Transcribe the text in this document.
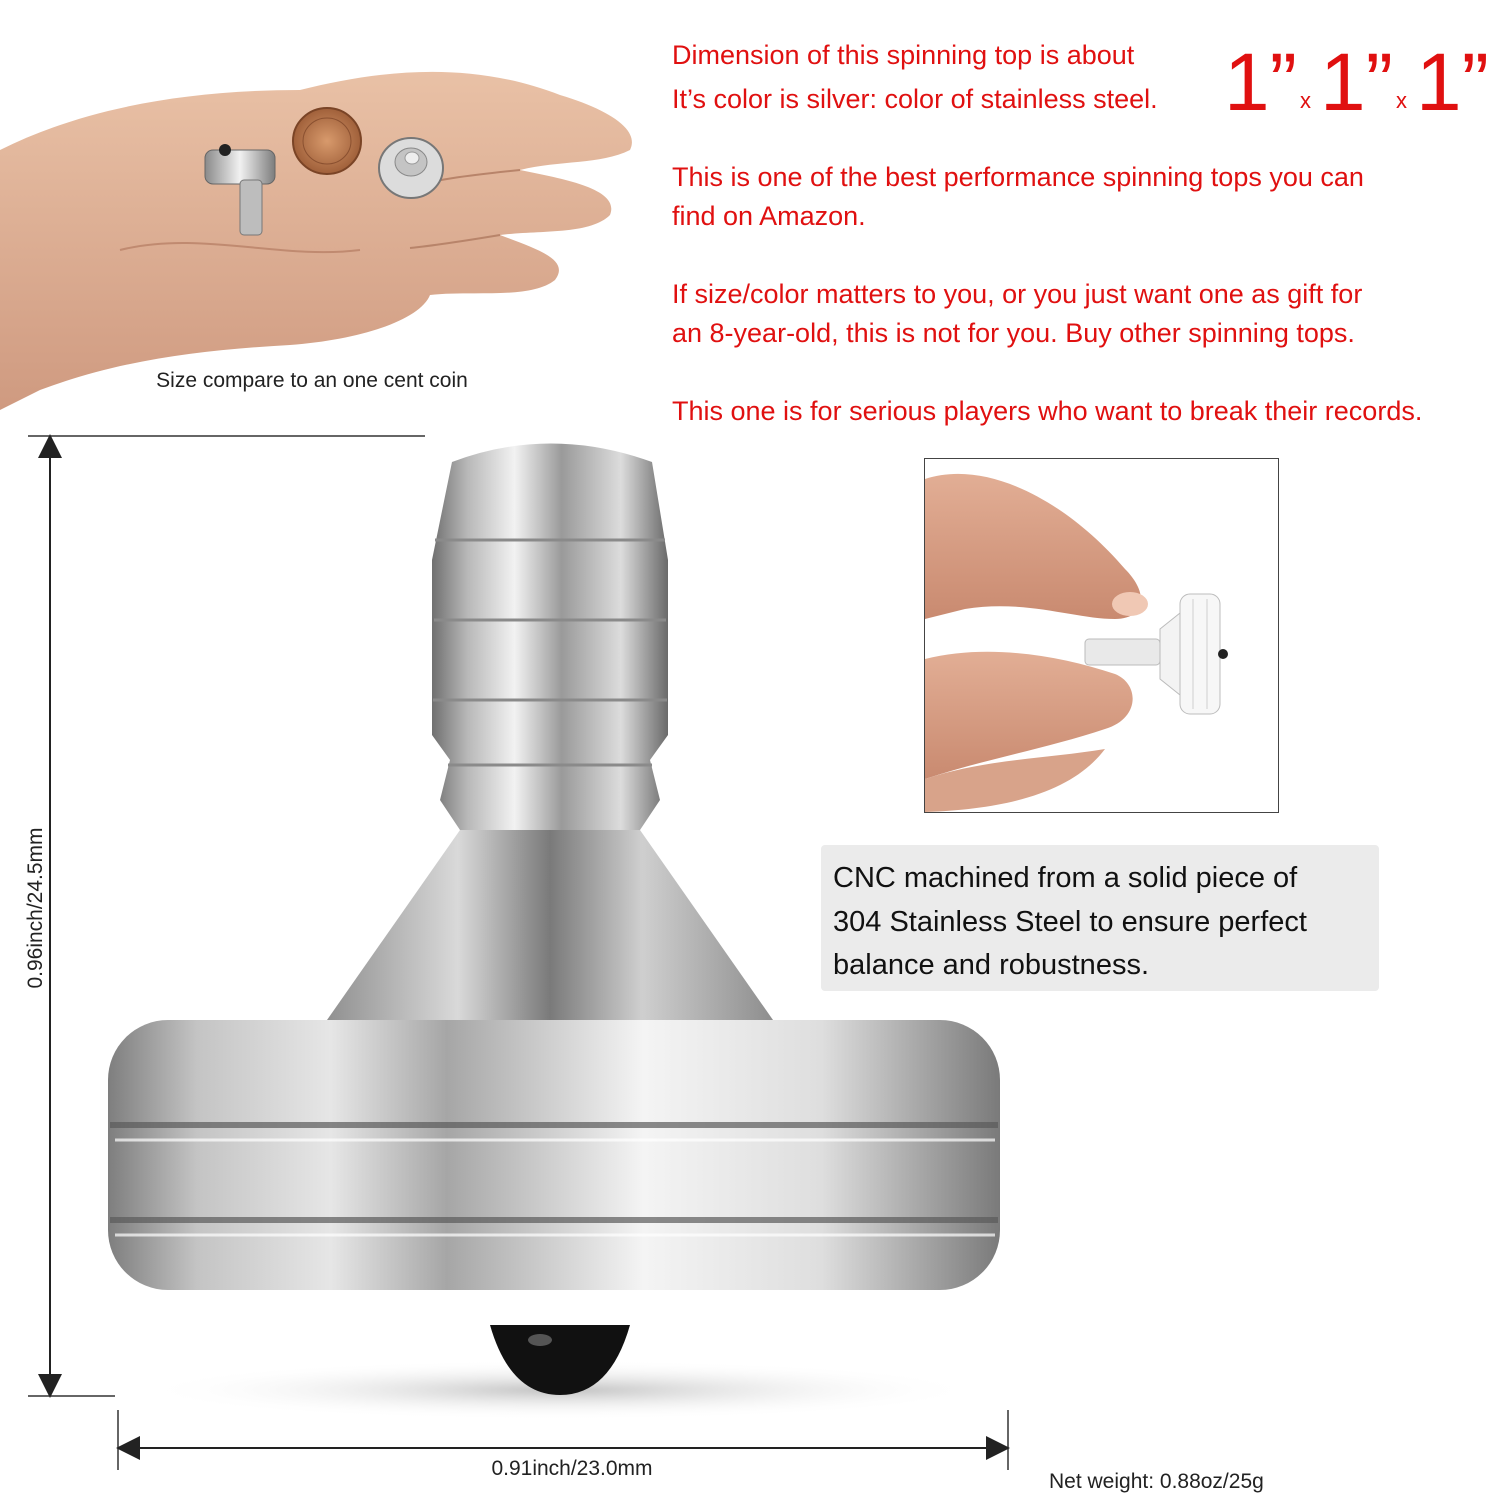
Size compare to an one cent coin
Dimension of this spinning top is about 1” x 1” x 1”
It’s color is silver: color of stainless steel.
This is one of the best performance spinning tops you can
find on Amazon.
If size/color matters to you, or you just want one as gift for
an 8-year-old, this is not for you. Buy other spinning tops.
This one is for serious players who want to break their records.
0.96inch/24.5mm
0.91inch/23.0mm
CNC machined from a solid piece of
304 Stainless Steel to ensure perfect
balance and robustness.
Net weight: 0.88oz/25g
